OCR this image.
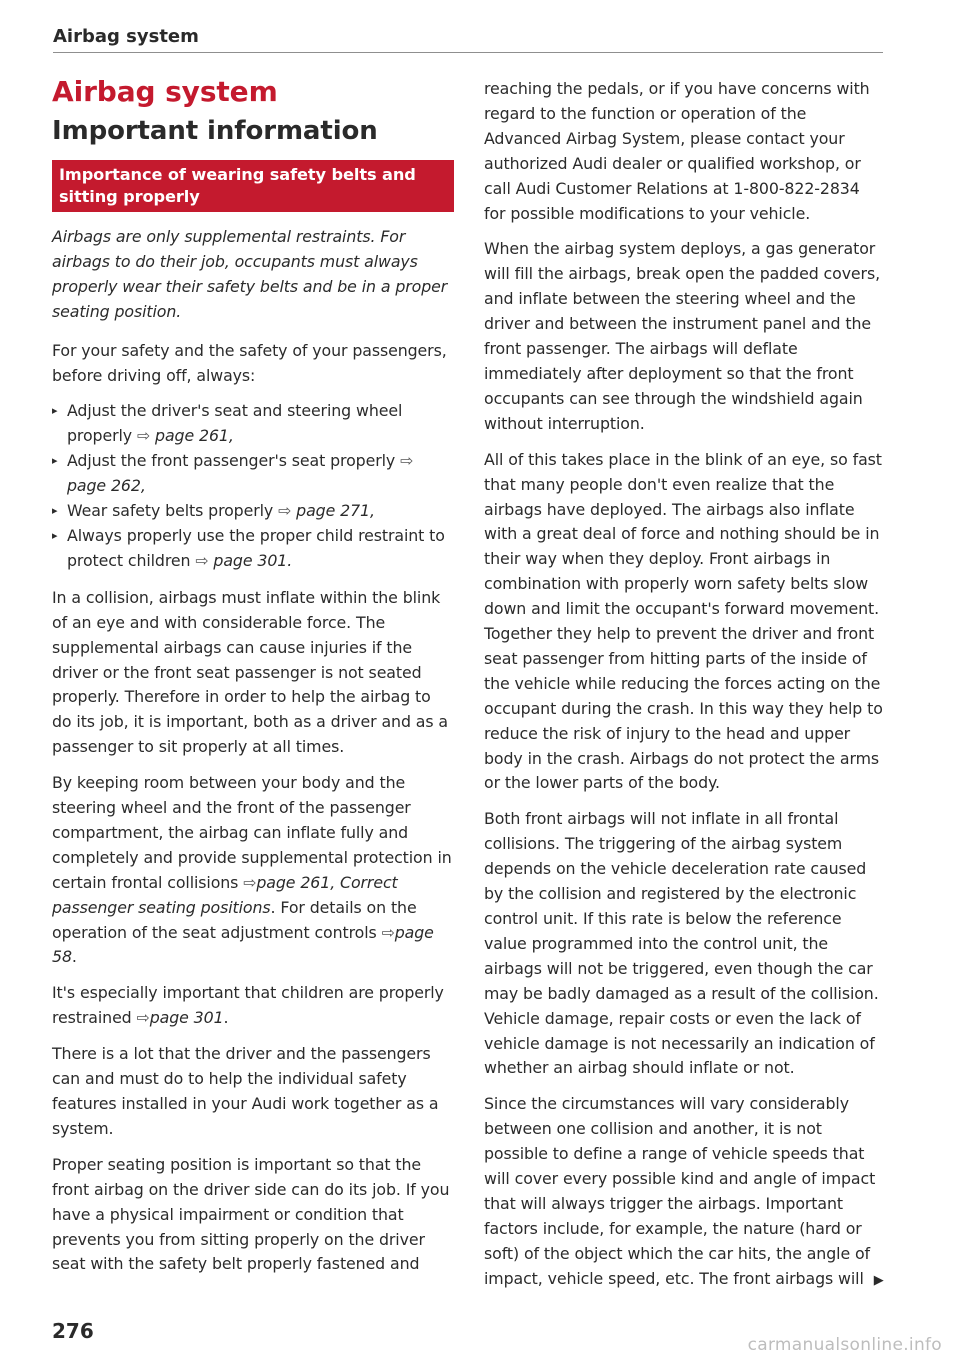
Airbag system
Airbag system
Important information
Importance of wearing safety belts and sitting properly

Airbags are only supplemental restraints. For airbags to do their job, occupants must always properly wear their safety belts and be in a proper seating position.

For your safety and the safety of your passengers, before driving off, always:

▸ Adjust the driver's seat and steering wheel properly ⇨ page 261,
▸ Adjust the front passenger's seat properly ⇨ page 262,
▸ Wear safety belts properly ⇨ page 271,
▸ Always properly use the proper child restraint to protect children ⇨ page 301.

In a collision, airbags must inflate within the blink of an eye and with considerable force. The supplemental airbags can cause injuries if the driver or the front seat passenger is not seated properly. Therefore in order to help the airbag to do its job, it is important, both as a driver and as a passenger to sit properly at all times.

By keeping room between your body and the steering wheel and the front of the passenger compartment, the airbag can inflate fully and completely and provide supplemental protection in certain frontal collisions ⇨page 261, Correct passenger seating positions. For details on the operation of the seat adjustment controls ⇨page 58.

It's especially important that children are properly restrained ⇨page 301.

There is a lot that the driver and the passengers can and must do to help the individual safety features installed in your Audi work together as a system.

Proper seating position is important so that the front airbag on the driver side can do its job. If you have a physical impairment or condition that prevents you from sitting properly on the driver seat with the safety belt properly fastened and

reaching the pedals, or if you have concerns with regard to the function or operation of the Advanced Airbag System, please contact your authorized Audi dealer or qualified workshop, or call Audi Customer Relations at 1-800-822-2834 for possible modifications to your vehicle.

When the airbag system deploys, a gas generator will fill the airbags, break open the padded covers, and inflate between the steering wheel and the driver and between the instrument panel and the front passenger. The airbags will deflate immediately after deployment so that the front occupants can see through the windshield again without interruption.

All of this takes place in the blink of an eye, so fast that many people don't even realize that the airbags have deployed. The airbags also inflate with a great deal of force and nothing should be in their way when they deploy. Front airbags in combination with properly worn safety belts slow down and limit the occupant's forward movement. Together they help to prevent the driver and front seat passenger from hitting parts of the inside of the vehicle while reducing the forces acting on the occupant during the crash. In this way they help to reduce the risk of injury to the head and upper body in the crash. Airbags do not protect the arms or the lower parts of the body.

Both front airbags will not inflate in all frontal collisions. The triggering of the airbag system depends on the vehicle deceleration rate caused by the collision and registered by the electronic control unit. If this rate is below the reference value programmed into the control unit, the airbags will not be triggered, even though the car may be badly damaged as a result of the collision. Vehicle damage, repair costs or even the lack of vehicle damage is not necessarily an indication of whether an airbag should inflate or not.

Since the circumstances will vary considerably between one collision and another, it is not possible to define a range of vehicle speeds that will cover every possible kind and angle of impact that will always trigger the airbags. Important factors include, for example, the nature (hard or soft) of the object which the car hits, the angle of impact, vehicle speed, etc. The front airbags will ▶

276
carmanualsonline.info
